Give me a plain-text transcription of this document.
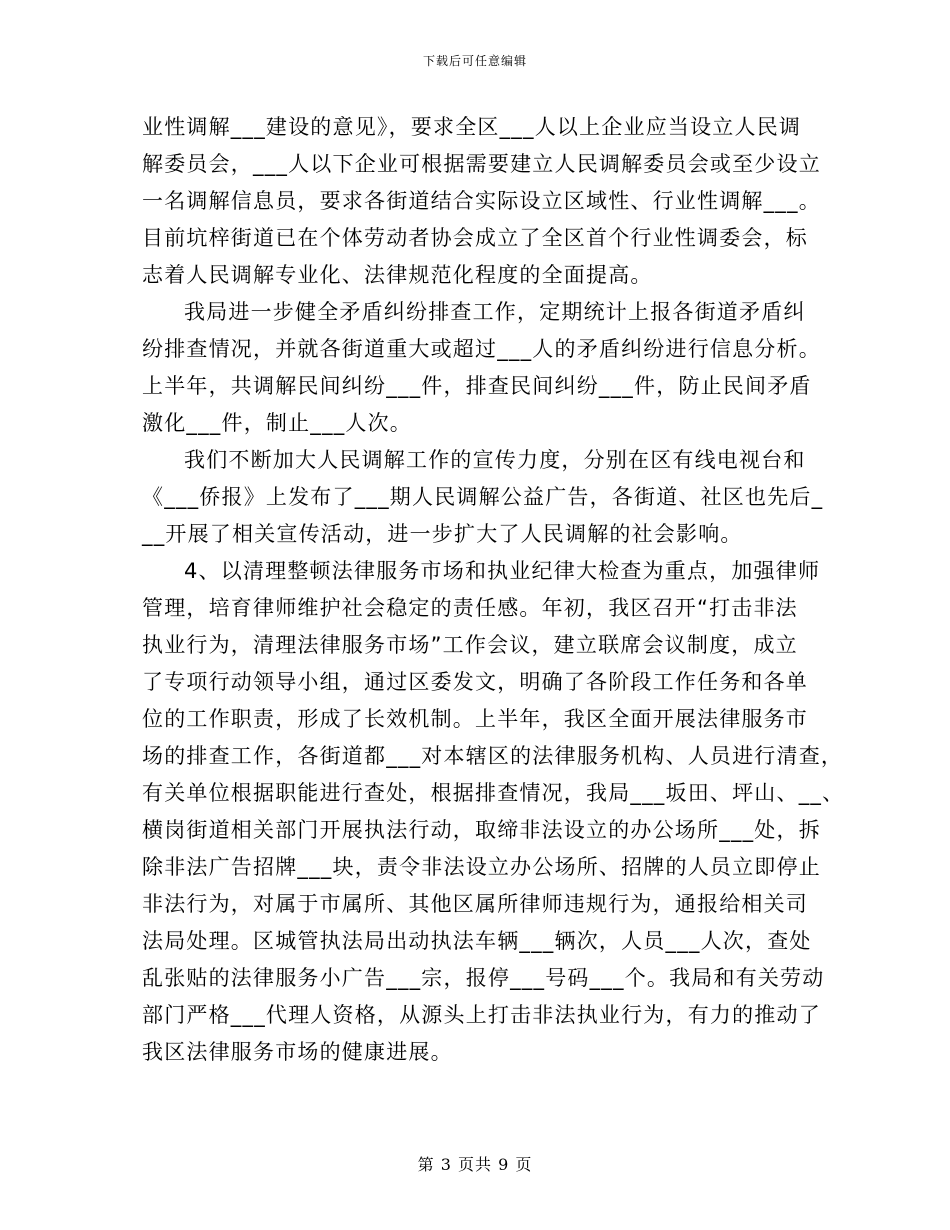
下载后可任意编辑
业性调解___建设的意见》，要求全区___人以上企业应当设立人民调
解委员会，___人以下企业可根据需要建立人民调解委员会或至少设立
一名调解信息员，要求各街道结合实际设立区域性、行业性调解___。
目前坑梓街道已在个体劳动者协会成立了全区首个行业性调委会，标
志着人民调解专业化、法律规范化程度的全面提高。
我局进一步健全矛盾纠纷排查工作，定期统计上报各街道矛盾纠
纷排查情况，并就各街道重大或超过___人的矛盾纠纷进行信息分析。
上半年，共调解民间纠纷___件，排查民间纠纷___件，防止民间矛盾
激化___件，制止___人次。
我们不断加大人民调解工作的宣传力度，分别在区有线电视台和
《___侨报》上发布了___期人民调解公益广告，各街道、社区也先后_
__开展了相关宣传活动，进一步扩大了人民调解的社会影响。
4、以清理整顿法律服务市场和执业纪律大检查为重点，加强律师
管理，培育律师维护社会稳定的责任感。年初，我区召开“打击非法
执业行为，清理法律服务市场”工作会议，建立联席会议制度，成立
了专项行动领导小组，通过区委发文，明确了各阶段工作任务和各单
位的工作职责，形成了长效机制。上半年，我区全面开展法律服务市
场的排查工作，各街道都___对本辖区的法律服务机构、人员进行清查，
有关单位根据职能进行查处，根据排查情况，我局___坂田、坪山、__、
横岗街道相关部门开展执法行动，取缔非法设立的办公场所___处，拆
除非法广告招牌___块，责令非法设立办公场所、招牌的人员立即停止
非法行为，对属于市属所、其他区属所律师违规行为，通报给相关司
法局处理。区城管执法局出动执法车辆___辆次，人员___人次，查处
乱张贴的法律服务小广告___宗，报停___号码___个。我局和有关劳动
部门严格___代理人资格，从源头上打击非法执业行为，有力的推动了
我区法律服务市场的健康进展。
第 3 页共 9 页
